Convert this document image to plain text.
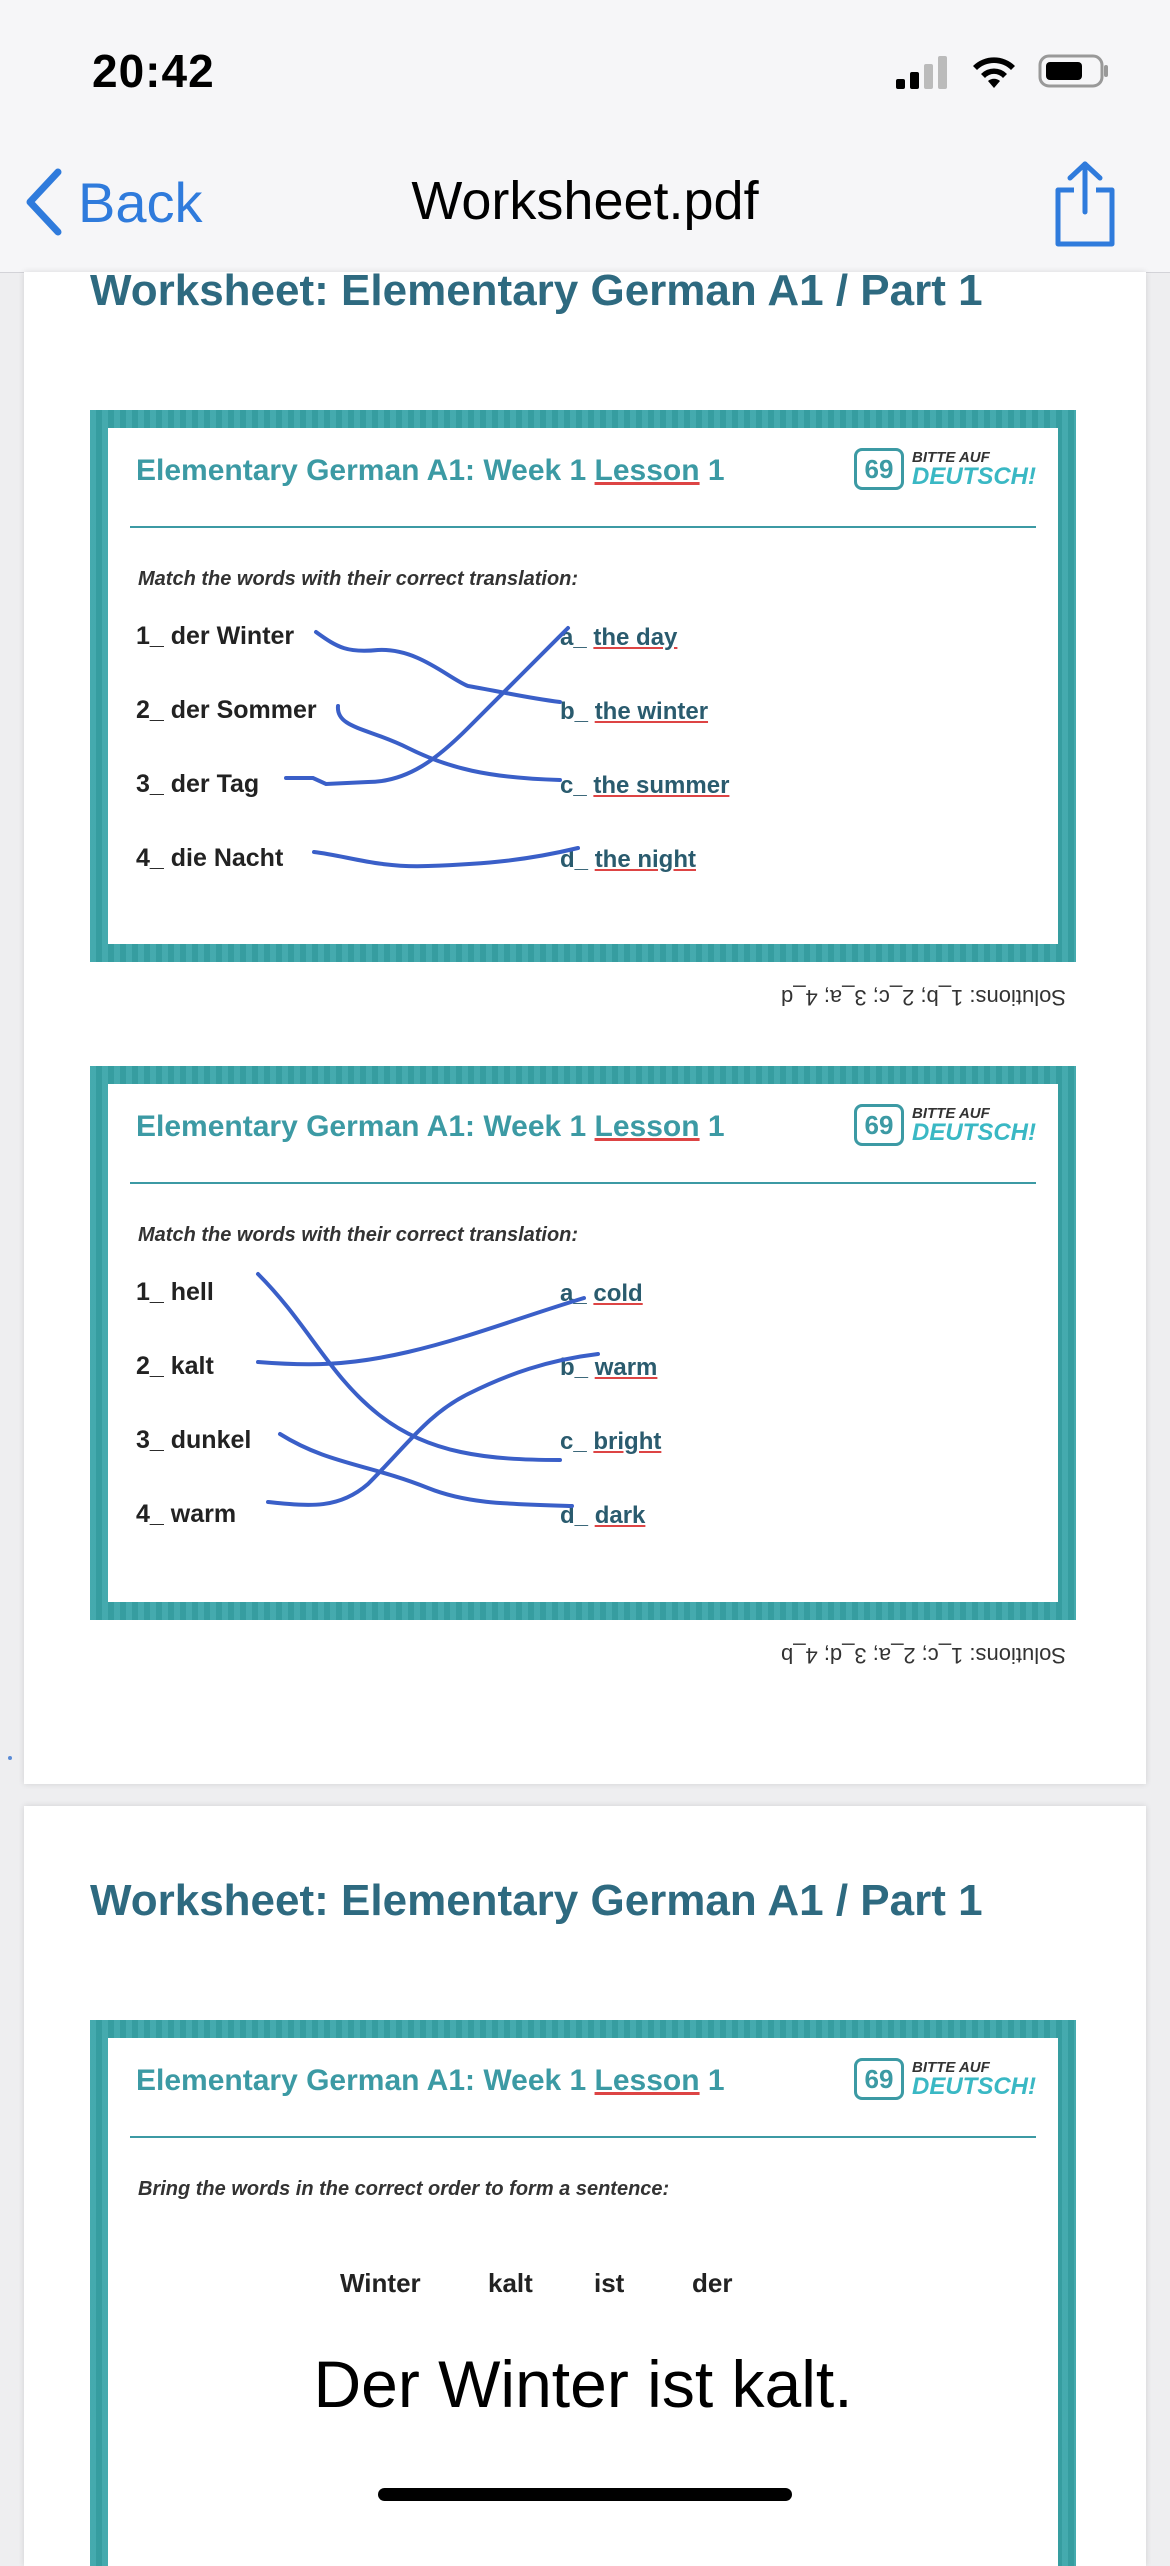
20:42
Back	Worksheet.pdf
Worksheet: Elementary German A1 / Part 1
Elementary German A1: Week 1 Lesson 1	69	BITTE AUF
DEUTSCH!
Match the words with their correct translation:
1_ der Winter
2_ der Sommer
3_ der Tag
4_ die Nacht
a_ the day
b_ the winter
c_ the summer
d_ the night
Solutions: 1_b; 2_c; 3_a; 4_d
Elementary German A1: Week 1 Lesson 1	69	BITTE AUF
DEUTSCH!
Match the words with their correct translation:
1_ hell
2_ kalt
3_ dunkel
4_ warm
a_ cold
b_ warm
c_ bright
d_ dark
Solutions: 1_c; 2_a; 3_d; 4_b
Worksheet: Elementary German A1 / Part 1
Elementary German A1: Week 1 Lesson 1	69	BITTE AUF
DEUTSCH!
Bring the words in the correct order to form a sentence:
Winter	kalt ist	der
Der Winter ist kalt.
